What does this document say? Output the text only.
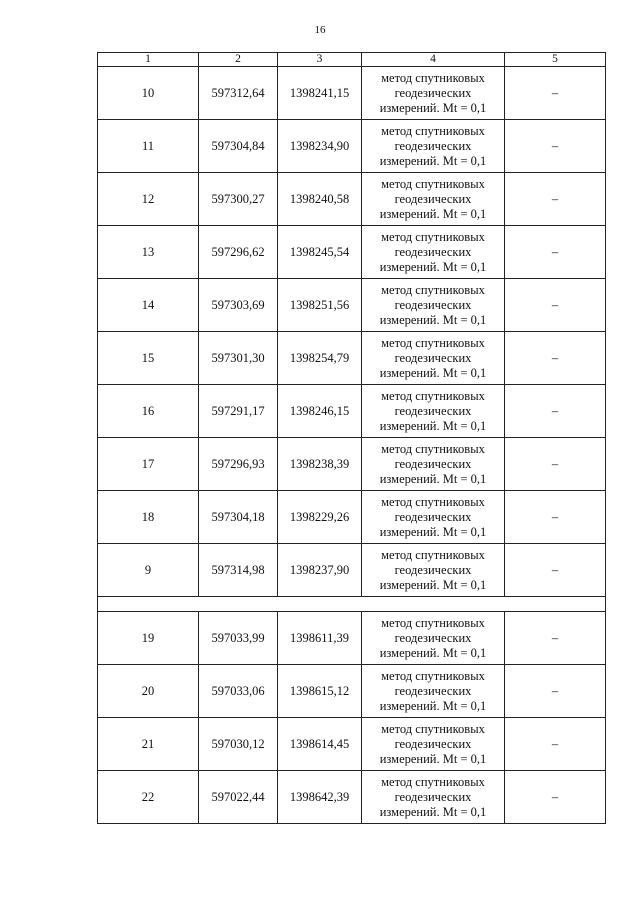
16
1	2	3	4	5
10	597312,64	1398241,15	метод спутниковых
геодезических
измерений. Mt = 0,1	–
11	597304,84	1398234,90	метод спутниковых
геодезических
измерений. Mt = 0,1	–
12	597300,27	1398240,58	метод спутниковых
геодезических
измерений. Mt = 0,1	–
13	597296,62	1398245,54	метод спутниковых
геодезических
измерений. Mt = 0,1	–
14	597303,69	1398251,56	метод спутниковых
геодезических
измерений. Mt = 0,1	–
15	597301,30	1398254,79	метод спутниковых
геодезических
измерений. Mt = 0,1	–
16	597291,17	1398246,15	метод спутниковых
геодезических
измерений. Mt = 0,1	–
17	597296,93	1398238,39	метод спутниковых
геодезических
измерений. Mt = 0,1	–
18	597304,18	1398229,26	метод спутниковых
геодезических
измерений. Mt = 0,1	–
9	597314,98	1398237,90	метод спутниковых
геодезических
измерений. Mt = 0,1	–

19	597033,99	1398611,39	метод спутниковых
геодезических
измерений. Mt = 0,1	–
20	597033,06	1398615,12	метод спутниковых
геодезических
измерений. Mt = 0,1	–
21	597030,12	1398614,45	метод спутниковых
геодезических
измерений. Mt = 0,1	–
22	597022,44	1398642,39	метод спутниковых
геодезических
измерений. Mt = 0,1	–
